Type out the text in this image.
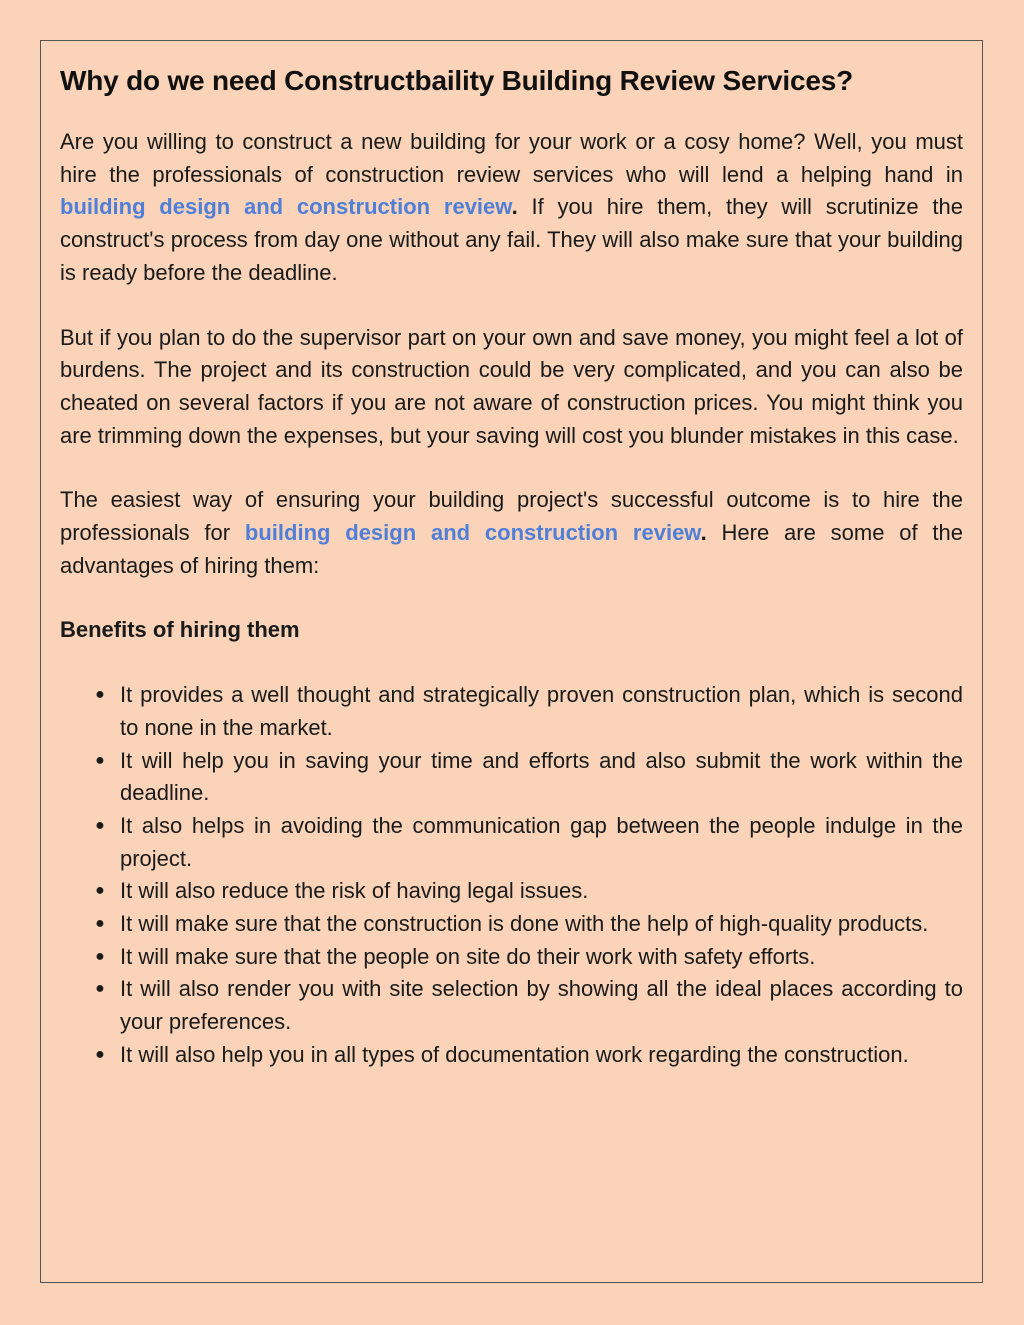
Why do we need Constructbaility Building Review Services?

Are you willing to construct a new building for your work or a cosy home? Well, you must hire the professionals of construction review services who will lend a helping hand in building design and construction review. If you hire them, they will scrutinize the construct's process from day one without any fail. They will also make sure that your building is ready before the deadline.

But if you plan to do the supervisor part on your own and save money, you might feel a lot of burdens. The project and its construction could be very complicated, and you can also be cheated on several factors if you are not aware of construction prices. You might think you are trimming down the expenses, but your saving will cost you blunder mistakes in this case.

The easiest way of ensuring your building project's successful outcome is to hire the professionals for building design and construction review. Here are some of the advantages of hiring them:

Benefits of hiring them
● It provides a well thought and strategically proven construction plan, which is second to none in the market.
● It will help you in saving your time and efforts and also submit the work within the deadline.
● It also helps in avoiding the communication gap between the people indulge in the project.
● It will also reduce the risk of having legal issues.
● It will make sure that the construction is done with the help of high-quality products.
● It will make sure that the people on site do their work with safety efforts.
● It will also render you with site selection by showing all the ideal places according to your preferences.
● It will also help you in all types of documentation work regarding the construction.
